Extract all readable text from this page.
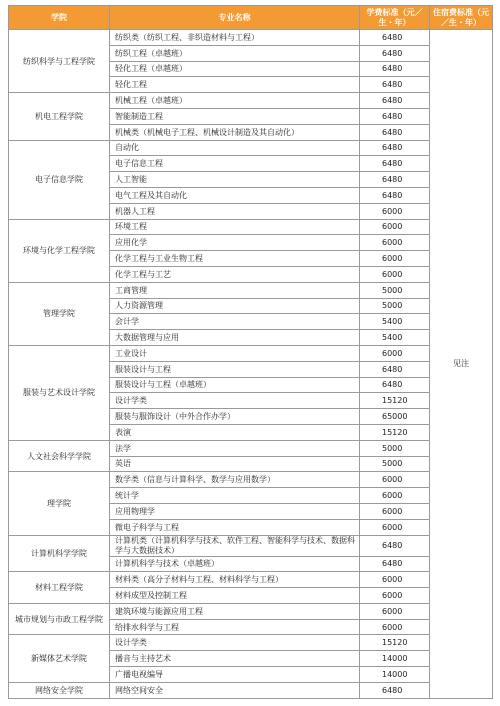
学院	专业名称	学费标准（元／生・年）	住宿费标准（元／生・年）
纺织科学与工程学院	纺织类（纺织工程、非织造材料与工程）	6480	见注
	纺织工程（卓越班）	6480	
	轻化工程（卓越班）	6480	
	轻化工程	6480	
机电工程学院	机械工程（卓越班）	6480	
	智能制造工程	6480	
	机械类（机械电子工程、机械设计制造及其自动化）	6480	
电子信息学院	自动化	6480	
	电子信息工程	6480	
	人工智能	6480	
	电气工程及其自动化	6480	
	机器人工程	6000	
环境与化学工程学院	环境工程	6000	
	应用化学	6000	
	化学工程与工业生物工程	6000	
	化学工程与工艺	6000	
管理学院	工商管理	5000	
	人力资源管理	5000	
	会计学	5400	
	大数据管理与应用	5400	
服装与艺术设计学院	工业设计	6000	
	服装设计与工程	6480	
	服装设计与工程（卓越班）	6480	
	设计学类	15120	
	服装与服饰设计（中外合作办学）	65000	
	表演	15120	
人文社会科学学院	法学	5000	
	英语	5000	
理学院	数学类（信息与计算科学、数学与应用数学）	6000	
	统计学	6000	
	应用物理学	6000	
	微电子科学与工程	6000	
计算机科学学院	计算机类（计算机科学与技术、软件工程、智能科学与技术、数据科学与大数据技术）	6480	
	计算机科学与技术（卓越班）	6480	
材料工程学院	材料类（高分子材料与工程、材料科学与工程）	6000	
	材料成型及控制工程	6000	
城市规划与市政工程学院	建筑环境与能源应用工程	6000	
	给排水科学与工程	6000	
新媒体艺术学院	设计学类	15120	
	播音与主持艺术	14000	
	广播电视编导	14000	
网络安全学院	网络空间安全	6480	
